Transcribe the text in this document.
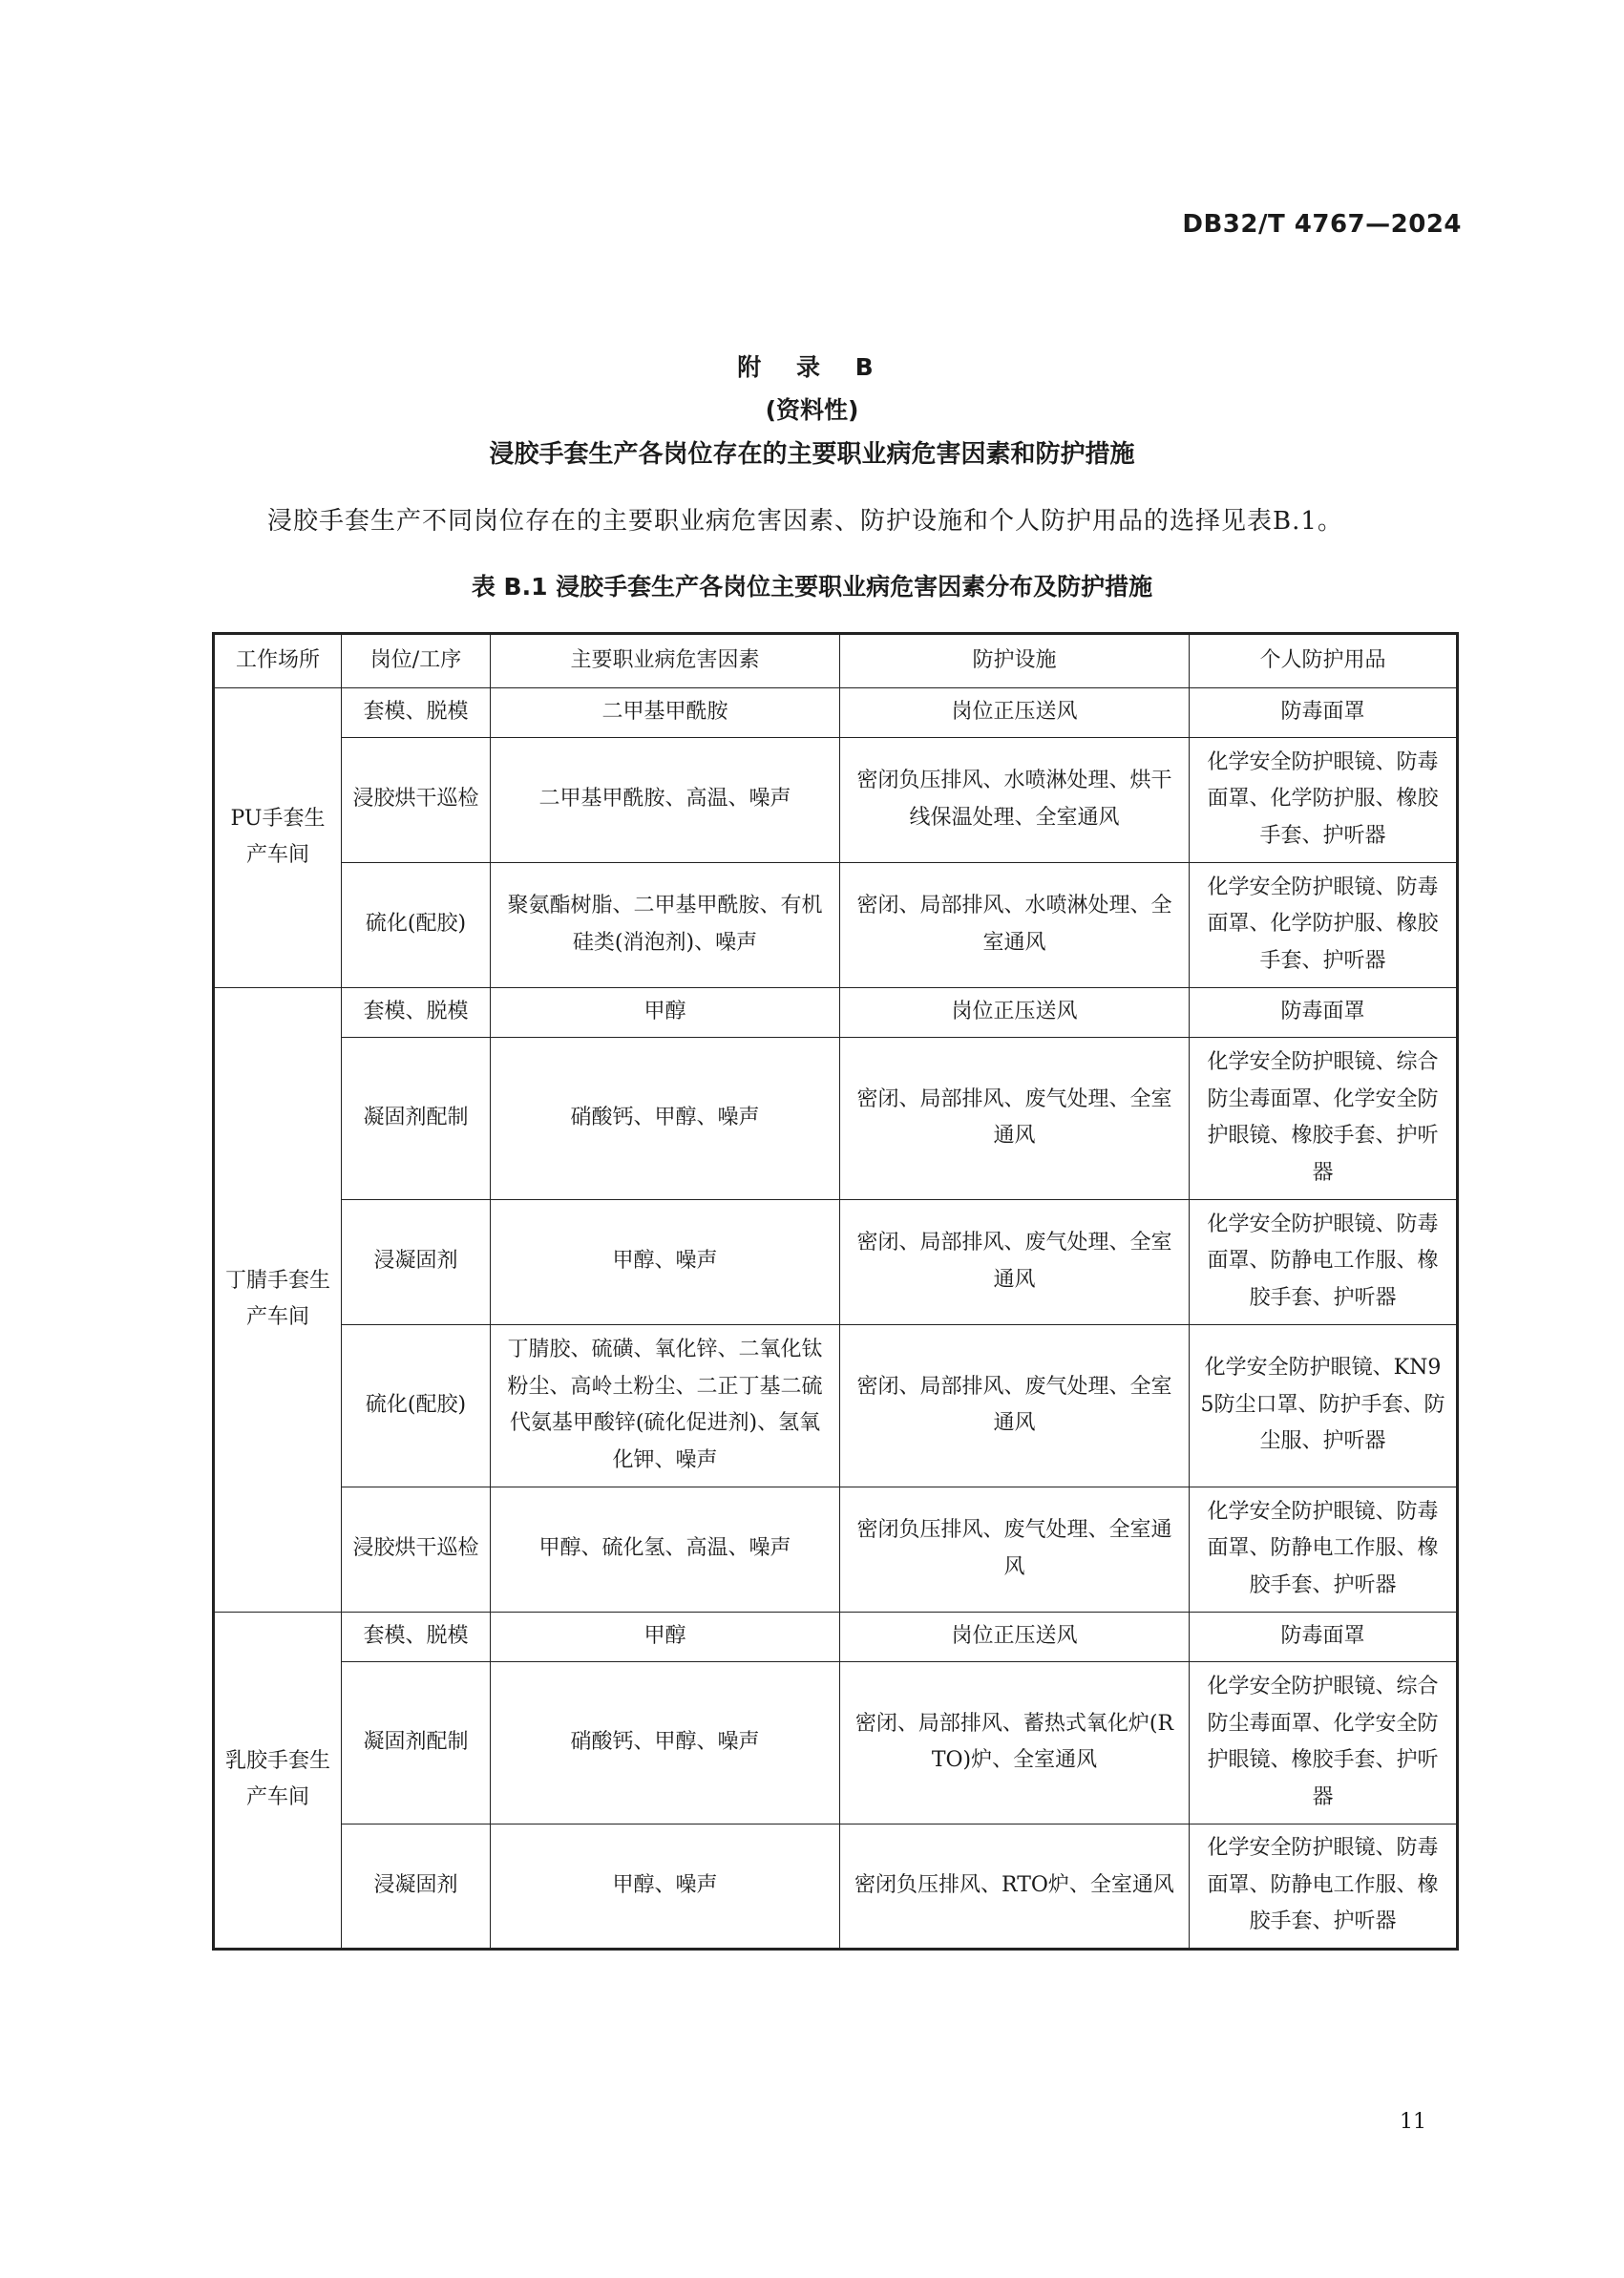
DB32/T 4767—2024
附 录 B
(资料性)
浸胶手套生产各岗位存在的主要职业病危害因素和防护措施
浸胶手套生产不同岗位存在的主要职业病危害因素、防护设施和个人防护用品的选择见表B.1。
表 B.1 浸胶手套生产各岗位主要职业病危害因素分布及防护措施
工作场所	岗位/工序	主要职业病危害因素	防护设施	个人防护用品
PU手套生产车间	套模、脱模	二甲基甲酰胺	岗位正压送风	防毒面罩
	浸胶烘干巡检	二甲基甲酰胺、高温、噪声	密闭负压排风、水喷淋处理、烘干线保温处理、全室通风	化学安全防护眼镜、防毒面罩、化学防护服、橡胶手套、护听器
	硫化(配胶)	聚氨酯树脂、二甲基甲酰胺、有机硅类(消泡剂)、噪声	密闭、局部排风、水喷淋处理、全室通风	化学安全防护眼镜、防毒面罩、化学防护服、橡胶手套、护听器
丁腈手套生产车间	套模、脱模	甲醇	岗位正压送风	防毒面罩
	凝固剂配制	硝酸钙、甲醇、噪声	密闭、局部排风、废气处理、全室通风	化学安全防护眼镜、综合防尘毒面罩、化学安全防护眼镜、橡胶手套、护听器
	浸凝固剂	甲醇、噪声	密闭、局部排风、废气处理、全室通风	化学安全防护眼镜、防毒面罩、防静电工作服、橡胶手套、护听器
	硫化(配胶)	丁腈胶、硫磺、氧化锌、二氧化钛粉尘、高岭土粉尘、二正丁基二硫代氨基甲酸锌(硫化促进剂)、氢氧化钾、噪声	密闭、局部排风、废气处理、全室通风	化学安全防护眼镜、KN95防尘口罩、防护手套、防尘服、护听器
	浸胶烘干巡检	甲醇、硫化氢、高温、噪声	密闭负压排风、废气处理、全室通风	化学安全防护眼镜、防毒面罩、防静电工作服、橡胶手套、护听器
乳胶手套生产车间	套模、脱模	甲醇	岗位正压送风	防毒面罩
	凝固剂配制	硝酸钙、甲醇、噪声	密闭、局部排风、蓄热式氧化炉(RTO)炉、全室通风	化学安全防护眼镜、综合防尘毒面罩、化学安全防护眼镜、橡胶手套、护听器
	浸凝固剂	甲醇、噪声	密闭负压排风、RTO炉、全室通风	化学安全防护眼镜、防毒面罩、防静电工作服、橡胶手套、护听器
11
